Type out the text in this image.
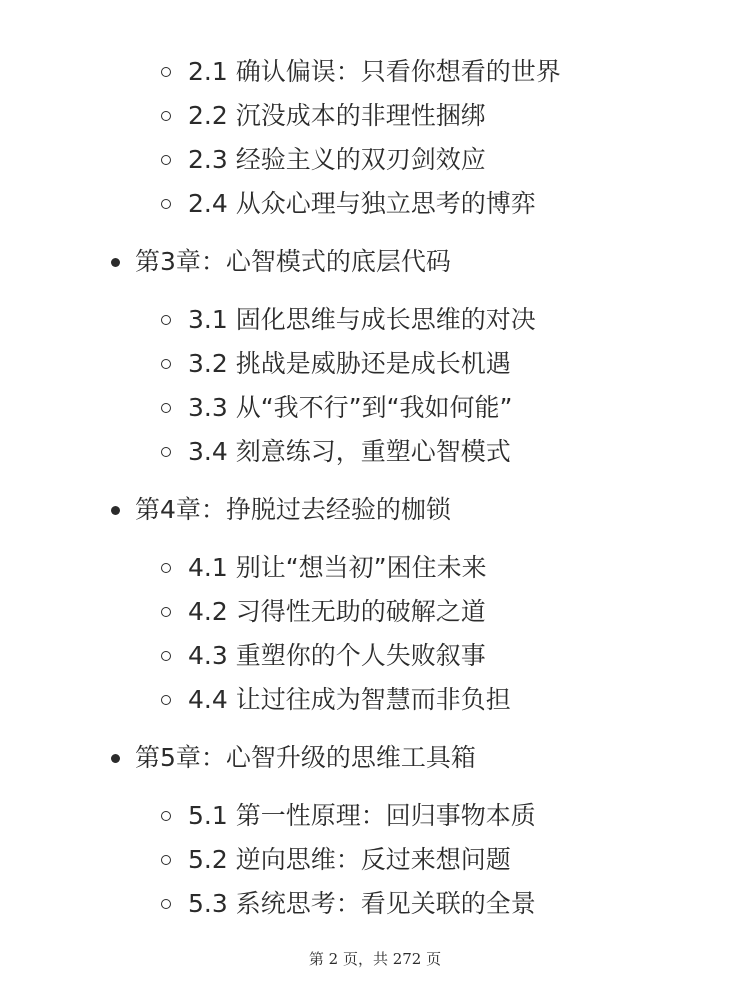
2.1 确认偏误：只看你想看的世界
2.2 沉没成本的非理性捆绑
2.3 经验主义的双刃剑效应
2.4 从众心理与独立思考的博弈
第3章：心智模式的底层代码
3.1 固化思维与成长思维的对决
3.2 挑战是威胁还是成长机遇
3.3 从“我不行”到“我如何能”
3.4 刻意练习，重塑心智模式
第4章：挣脱过去经验的枷锁
4.1 别让“想当初”困住未来
4.2 习得性无助的破解之道
4.3 重塑你的个人失败叙事
4.4 让过往成为智慧而非负担
第5章：心智升级的思维工具箱
5.1 第一性原理：回归事物本质
5.2 逆向思维：反过来想问题
5.3 系统思考：看见关联的全景
第 2 页，共 272 页
